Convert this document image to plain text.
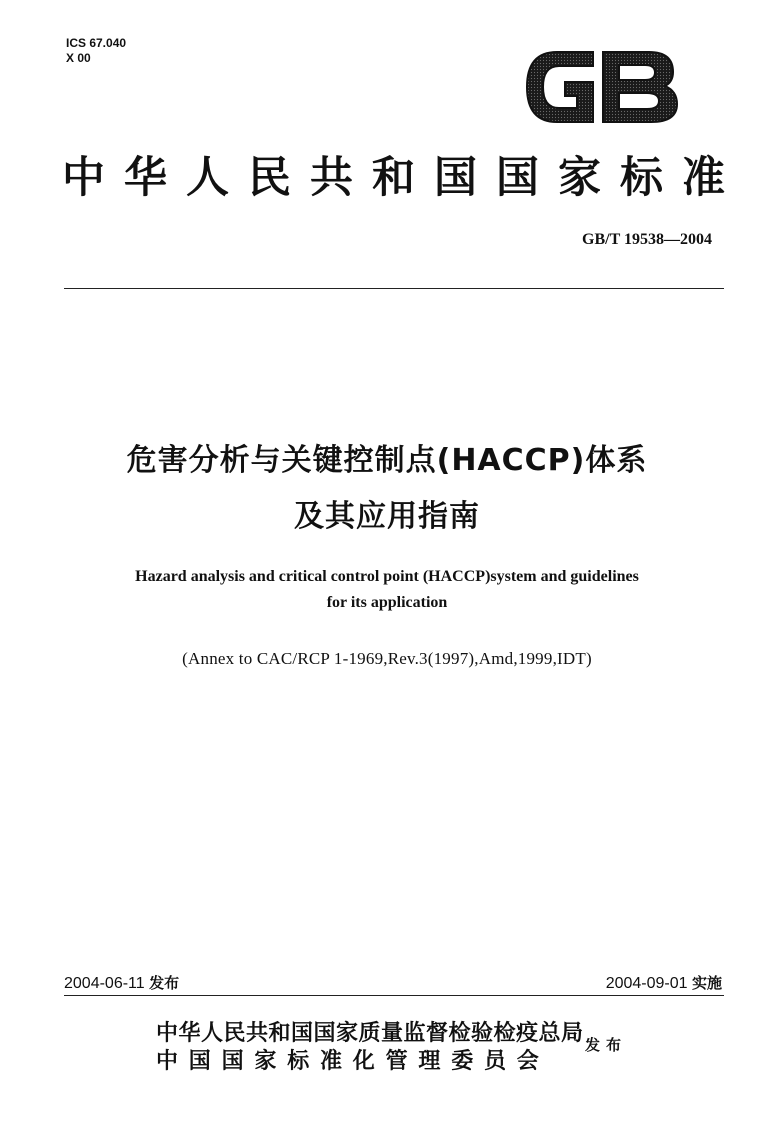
ICS 67.040
X 00
中华人民共和国国家标准
GB/T 19538—2004
危害分析与关键控制点(HACCP)体系
及其应用指南
Hazard analysis and critical control point (HACCP)system and guidelines
for its application
(Annex to CAC/RCP 1-1969,Rev.3(1997),Amd,1999,IDT)
2004-06-11 发布	2004-09-01 实施
中华人民共和国国家质量监督检验检疫总局
中国国家标准化管理委员会
发布
